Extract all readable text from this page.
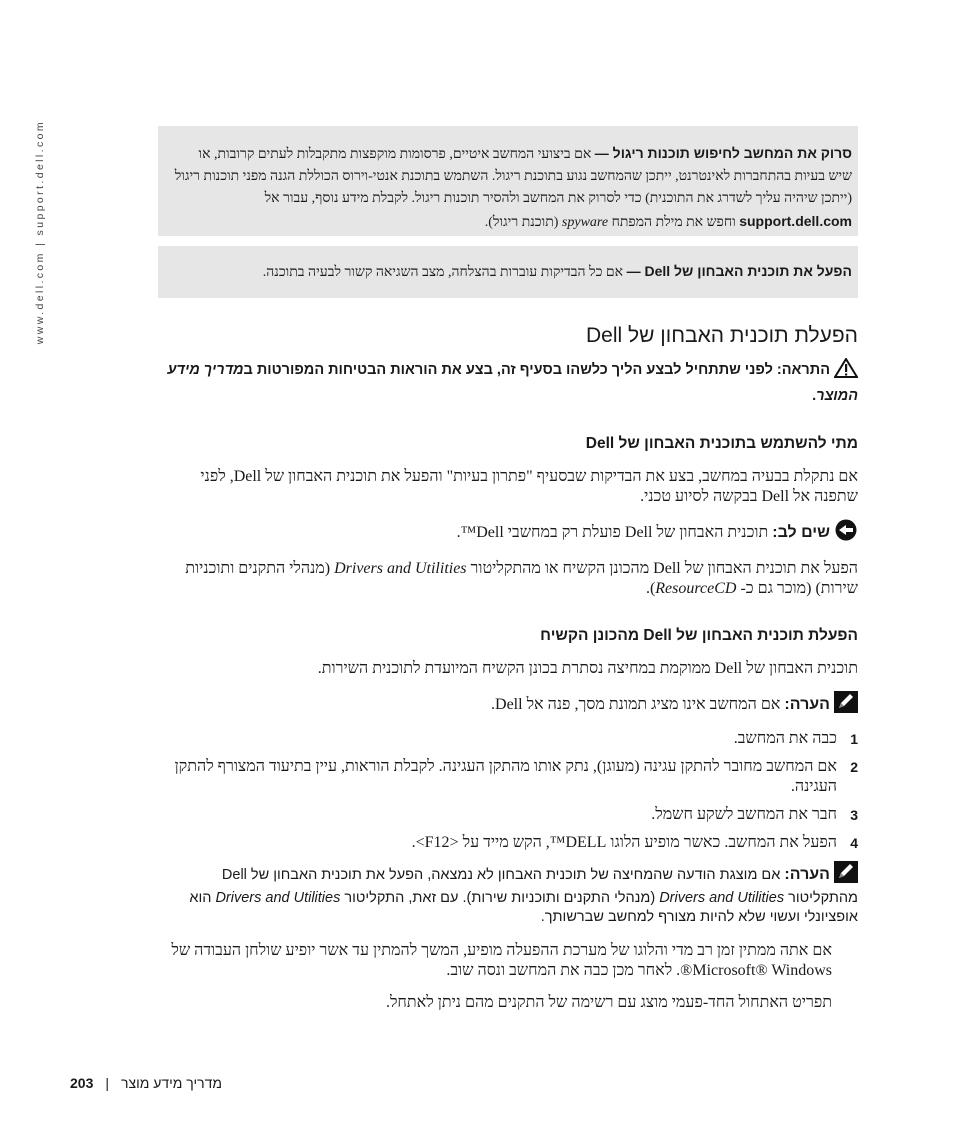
www.dell.com | support.dell.com	סרוק את המחשב לחיפוש תוכנות ריגול — אם ביצועי המחשב איטיים, פרסומות מוקפצות מתקבלות לעתים קרובות, או שיש בעיות בהתחברות לאינטרנט, ייתכן שהמחשב נגוע בתוכנת ריגול. השתמש בתוכנת אנטי-וירוס הכוללת הגנה מפני תוכנות ריגול (ייתכן שיהיה עליך לשדרג את התוכנית) כדי לסרוק את המחשב ולהסיר תוכנות ריגול. לקבלת מידע נוסף, עבור אל support.dell.com וחפש את מילת המפתח spyware (תוכנת ריגול).
הפעל את תוכנית האבחון של Dell — אם כל הבדיקות עוברות בהצלחה, מצב השגיאה קשור לבעיה בתוכנה.
הפעלת תוכנית האבחון של Dell
התראה: לפני שתתחיל לבצע הליך כלשהו בסעיף זה, בצע את הוראות הבטיחות המפורטות במדריך מידע המוצר.
מתי להשתמש בתוכנית האבחון של Dell

אם נתקלת בבעיה במחשב, בצע את הבדיקות שבסעיף "פתרון בעיות" והפעל את תוכנית האבחון של Dell, לפני שתפנה אל Dell בבקשה לסיוע טכני.

שים לב: תוכנית האבחון של Dell פועלת רק במחשבי Dell™.

הפעל את תוכנית האבחון של Dell מהכונן הקשיח או מהתקליטור Drivers and Utilities (מנהלי התקנים ותוכניות שירות) (מוכר גם כ- ResourceCD).

הפעלת תוכנית האבחון של Dell מהכונן הקשיח

תוכנית האבחון של Dell ממוקמת במחיצה נסתרת בכונן הקשיח המיועדת לתוכנית השירות.

הערה: אם המחשב אינו מציג תמונת מסך, פנה אל Dell.
1
כבה את המחשב.
2
אם המחשב מחובר להתקן עגינה (מעוגן), נתק אותו מהתקן העגינה. לקבלת הוראות, עיין בתיעוד המצורף להתקן העגינה.
3
חבר את המחשב לשקע חשמל.
4
הפעל את המחשב. כאשר מופיע הלוגו DELL™, הקש מייד על <F12>.
הערה: אם מוצגת הודעה שהמחיצה של תוכנית האבחון לא נמצאה, הפעל את תוכנית האבחון של Dell מהתקליטור Drivers and Utilities (מנהלי התקנים ותוכניות שירות). עם זאת, התקליטור Drivers and Utilities הוא אופציונלי ועשוי שלא להיות מצורף למחשב שברשותך.

אם אתה ממתין זמן רב מדי והלוגו של מערכת ההפעלה מופיע, המשך להמתין עד אשר יופיע שולחן העבודה של Microsoft® Windows®. לאחר מכן כבה את המחשב ונסה שוב.

תפריט האתחול החד-פעמי מוצג עם רשימה של התקנים מהם ניתן לאתחל.

203 | מדריך מידע מוצר
